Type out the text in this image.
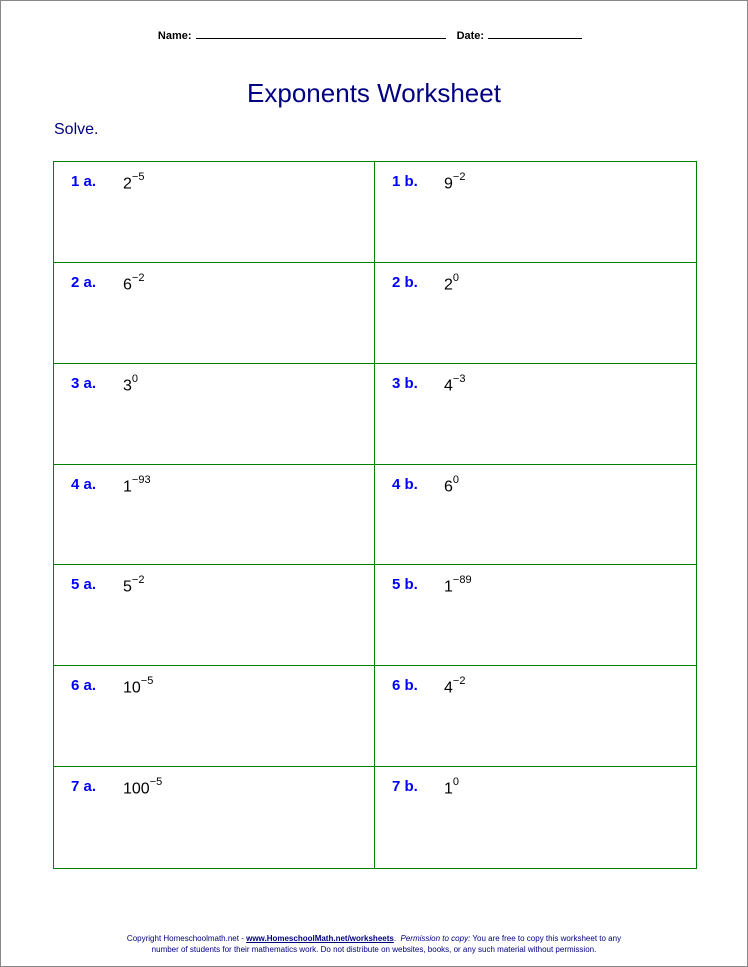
Name:	Date:
Exponents Worksheet
Solve.
1 a. $2^{-5}$	1 b. $9^{-2}$
2 a. $6^{-2}$	2 b. $2^0$
3 a. $3^0$	3 b. $4^{-3}$
4 a. $1^{-93}$	4 b. $6^0$
5 a. $5^{-2}$	5 b. $1^{-89}$
6 a. $10^{-5}$	6 b. $4^{-2}$
7 a. $100^{-5}$	7 b. $1^0$
Copyright Homeschoolmath.net - www.HomeschoolMath.net/worksheets.  Permission to copy: You are free to copy this worksheet to any
number of students for their mathematics work. Do not distribute on websites, books, or any such material without permission.
